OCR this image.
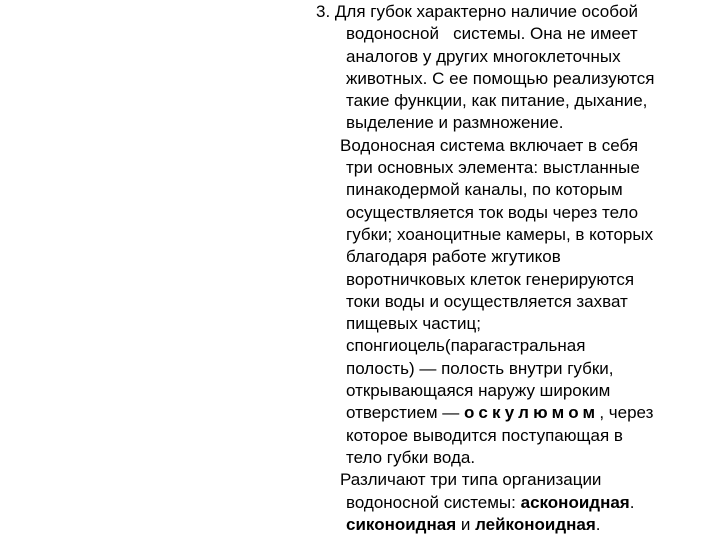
3. Для губок характерно наличие особой
водоносной   системы. Она не имеет
аналогов у других многоклеточных
животных. С ее помощью реализуются
такие функции, как питание, дыхание,
выделение и размножение.
Водоносная система включает в себя
три основных элемента: выстланные
пинакодермой каналы, по которым
осуществляется ток воды через тело
губки; хоаноцитные камеры, в которых
благодаря работе жгутиков
воротничковых клеток генерируются
токи воды и осуществляется захват
пищевых частиц;
спонгиоцель(парагастральная
полость) — полость внутри губки,
открывающаяся наружу широким
отверстием — оскулюмом, через
которое выводится поступающая в
тело губки вода.
Различают три типа организации
водоносной системы: асконоидная.
сиконоидная и лейконоидная.
